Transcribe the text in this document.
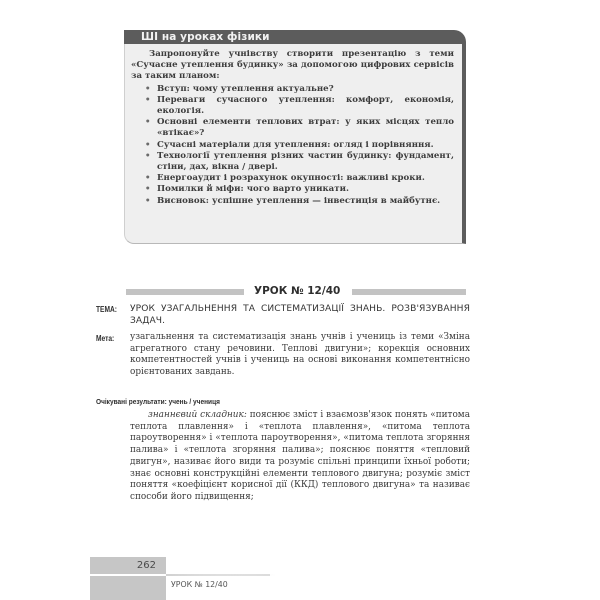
ШІ на уроках фізики

Запропонуйте учнівству створити презентацію з теми «Сучасне утеплення будинку» за допомогою цифрових сервісів за таким планом:

• Вступ: чому утеплення актуальне?
• Переваги сучасного утеплення: комфорт, економія, екологія.
• Основні елементи теплових втрат: у яких місцях тепло «втікає»?
• Сучасні матеріали для утеплення: огляд і порівняння.
• Технології утеплення різних частин будинку: фундамент, стіни, дах, вікна / двері.
• Енергоаудит і розрахунок окупності: важливі кроки.
• Помилки й міфи: чого варто уникати.
• Висновок: успішне утеплення — інвестиція в майбутнє.
УРОК № 12/40
ТЕМА: УРОК УЗАГАЛЬНЕННЯ ТА СИСТЕМАТИЗАЦІЇ ЗНАНЬ. РОЗВ'ЯЗУВАННЯ ЗАДАЧ.
Мета: узагальнення та систематизація знань учнів і учениць із теми «Зміна агрегатного стану речовини. Теплові двигуни»; корекція основних компетентностей учнів і учениць на основі виконання компетентнісно орієнтованих завдань.
Очікувані результати: учень / учениця

знаннєвий складник: пояснює зміст і взаємозв'язок понять «питома теплота плавлення» і «теплота плавлення», «питома теплота пароутворення» і «теплота пароутворення», «питома теплота згоряння палива» і «теплота згоряння палива»; пояснює поняття «тепловий двигун», називає його види та розуміє спільні принципи їхньої роботи; знає основні конструкційні елементи теплового двигуна; розуміє зміст поняття «коефіцієнт корисної дії (ККД) теплового двигуна» та називає способи його підвищення;

262
УРОК № 12/40
